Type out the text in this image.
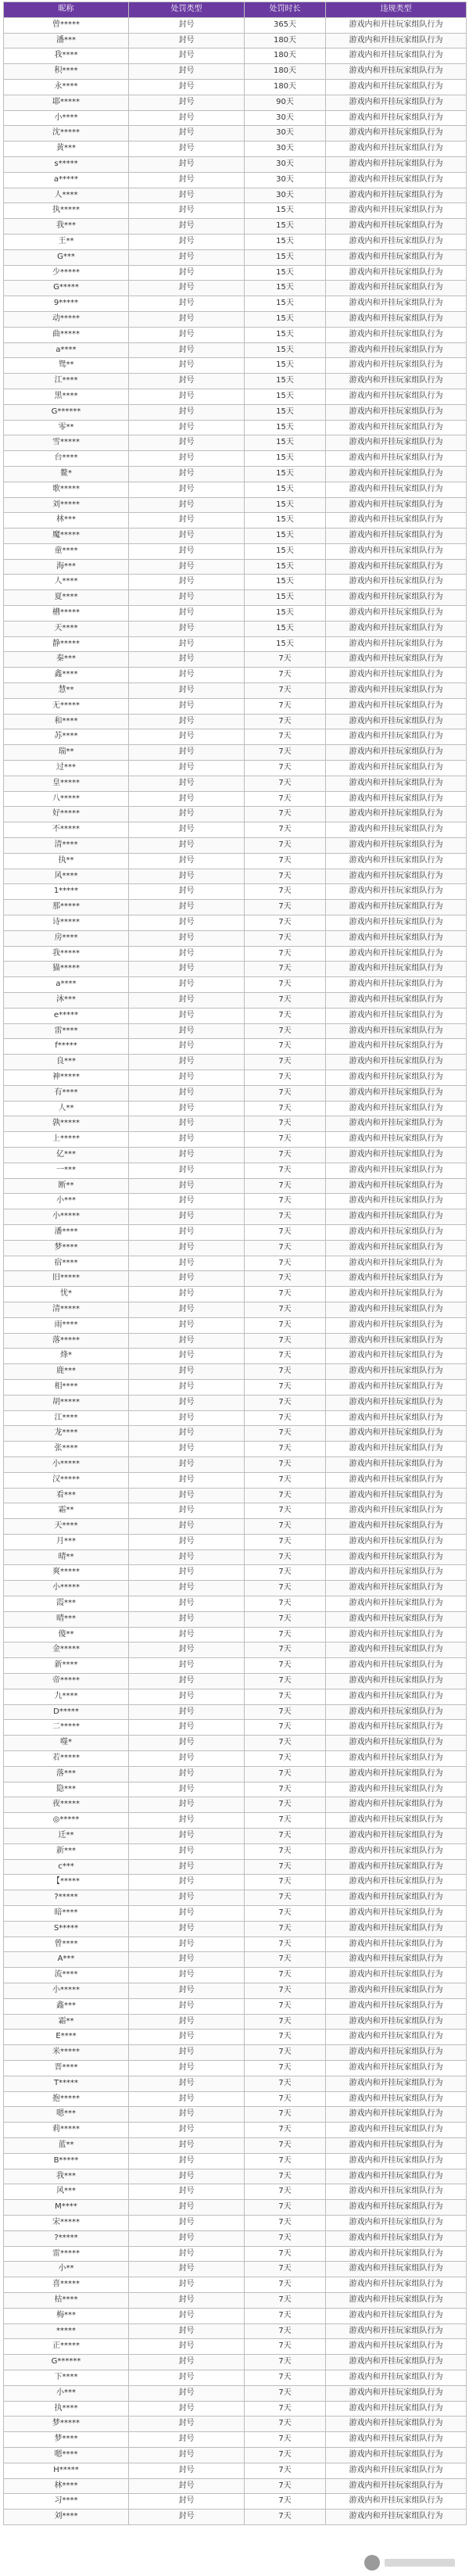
昵称	处罚类型	处罚时长	违规类型
曾*****	封号	365天	游戏内和开挂玩家组队行为
潘***	封号	180天	游戏内和开挂玩家组队行为
我****	封号	180天	游戏内和开挂玩家组队行为
积****	封号	180天	游戏内和开挂玩家组队行为
永****	封号	180天	游戏内和开挂玩家组队行为
耶*****	封号	90天	游戏内和开挂玩家组队行为
小****	封号	30天	游戏内和开挂玩家组队行为
沈*****	封号	30天	游戏内和开挂玩家组队行为
黄***	封号	30天	游戏内和开挂玩家组队行为
s*****	封号	30天	游戏内和开挂玩家组队行为
a*****	封号	30天	游戏内和开挂玩家组队行为
人****	封号	30天	游戏内和开挂玩家组队行为
执*****	封号	15天	游戏内和开挂玩家组队行为
我***	封号	15天	游戏内和开挂玩家组队行为
王**	封号	15天	游戏内和开挂玩家组队行为
G***	封号	15天	游戏内和开挂玩家组队行为
少*****	封号	15天	游戏内和开挂玩家组队行为
G*****	封号	15天	游戏内和开挂玩家组队行为
9*****	封号	15天	游戏内和开挂玩家组队行为
动*****	封号	15天	游戏内和开挂玩家组队行为
曲*****	封号	15天	游戏内和开挂玩家组队行为
a****	封号	15天	游戏内和开挂玩家组队行为
鸳**	封号	15天	游戏内和开挂玩家组队行为
江****	封号	15天	游戏内和开挂玩家组队行为
黑****	封号	15天	游戏内和开挂玩家组队行为
G******	封号	15天	游戏内和开挂玩家组队行为
零**	封号	15天	游戏内和开挂玩家组队行为
雪*****	封号	15天	游戏内和开挂玩家组队行为
台****	封号	15天	游戏内和开挂玩家组队行为
鳌*	封号	15天	游戏内和开挂玩家组队行为
歌*****	封号	15天	游戏内和开挂玩家组队行为
刘*****	封号	15天	游戏内和开挂玩家组队行为
林***	封号	15天	游戏内和开挂玩家组队行为
魔*****	封号	15天	游戏内和开挂玩家组队行为
童****	封号	15天	游戏内和开挂玩家组队行为
海***	封号	15天	游戏内和开挂玩家组队行为
人****	封号	15天	游戏内和开挂玩家组队行为
夏****	封号	15天	游戏内和开挂玩家组队行为
槽*****	封号	15天	游戏内和开挂玩家组队行为
天****	封号	15天	游戏内和开挂玩家组队行为
静*****	封号	15天	游戏内和开挂玩家组队行为
秦***	封号	7天	游戏内和开挂玩家组队行为
鑫****	封号	7天	游戏内和开挂玩家组队行为
慧**	封号	7天	游戏内和开挂玩家组队行为
无*****	封号	7天	游戏内和开挂玩家组队行为
和****	封号	7天	游戏内和开挂玩家组队行为
苏****	封号	7天	游戏内和开挂玩家组队行为
瑞**	封号	7天	游戏内和开挂玩家组队行为
过***	封号	7天	游戏内和开挂玩家组队行为
皇*****	封号	7天	游戏内和开挂玩家组队行为
八*****	封号	7天	游戏内和开挂玩家组队行为
好*****	封号	7天	游戏内和开挂玩家组队行为
不*****	封号	7天	游戏内和开挂玩家组队行为
清****	封号	7天	游戏内和开挂玩家组队行为
执**	封号	7天	游戏内和开挂玩家组队行为
风****	封号	7天	游戏内和开挂玩家组队行为
1*****	封号	7天	游戏内和开挂玩家组队行为
那*****	封号	7天	游戏内和开挂玩家组队行为
诗*****	封号	7天	游戏内和开挂玩家组队行为
房****	封号	7天	游戏内和开挂玩家组队行为
我*****	封号	7天	游戏内和开挂玩家组队行为
猫*****	封号	7天	游戏内和开挂玩家组队行为
a****	封号	7天	游戏内和开挂玩家组队行为
沐***	封号	7天	游戏内和开挂玩家组队行为
e*****	封号	7天	游戏内和开挂玩家组队行为
雷****	封号	7天	游戏内和开挂玩家组队行为
f*****	封号	7天	游戏内和开挂玩家组队行为
良***	封号	7天	游戏内和开挂玩家组队行为
神*****	封号	7天	游戏内和开挂玩家组队行为
有****	封号	7天	游戏内和开挂玩家组队行为
人**	封号	7天	游戏内和开挂玩家组队行为
孰*****	封号	7天	游戏内和开挂玩家组队行为
上*****	封号	7天	游戏内和开挂玩家组队行为
亿***	封号	7天	游戏内和开挂玩家组队行为
一***	封号	7天	游戏内和开挂玩家组队行为
断**	封号	7天	游戏内和开挂玩家组队行为
小***	封号	7天	游戏内和开挂玩家组队行为
小*****	封号	7天	游戏内和开挂玩家组队行为
潘****	封号	7天	游戏内和开挂玩家组队行为
梦****	封号	7天	游戏内和开挂玩家组队行为
宿****	封号	7天	游戏内和开挂玩家组队行为
旧*****	封号	7天	游戏内和开挂玩家组队行为
忧*	封号	7天	游戏内和开挂玩家组队行为
清*****	封号	7天	游戏内和开挂玩家组队行为
雨****	封号	7天	游戏内和开挂玩家组队行为
落*****	封号	7天	游戏内和开挂玩家组队行为
烽*	封号	7天	游戏内和开挂玩家组队行为
鹿***	封号	7天	游戏内和开挂玩家组队行为
相****	封号	7天	游戏内和开挂玩家组队行为
胡*****	封号	7天	游戏内和开挂玩家组队行为
江****	封号	7天	游戏内和开挂玩家组队行为
龙****	封号	7天	游戏内和开挂玩家组队行为
张****	封号	7天	游戏内和开挂玩家组队行为
小*****	封号	7天	游戏内和开挂玩家组队行为
汉*****	封号	7天	游戏内和开挂玩家组队行为
看***	封号	7天	游戏内和开挂玩家组队行为
霜**	封号	7天	游戏内和开挂玩家组队行为
天****	封号	7天	游戏内和开挂玩家组队行为
月***	封号	7天	游戏内和开挂玩家组队行为
晴**	封号	7天	游戏内和开挂玩家组队行为
爽*****	封号	7天	游戏内和开挂玩家组队行为
小*****	封号	7天	游戏内和开挂玩家组队行为
霞***	封号	7天	游戏内和开挂玩家组队行为
晴***	封号	7天	游戏内和开挂玩家组队行为
傻**	封号	7天	游戏内和开挂玩家组队行为
金*****	封号	7天	游戏内和开挂玩家组队行为
新****	封号	7天	游戏内和开挂玩家组队行为
帝*****	封号	7天	游戏内和开挂玩家组队行为
九****	封号	7天	游戏内和开挂玩家组队行为
D*****	封号	7天	游戏内和开挂玩家组队行为
二*****	封号	7天	游戏内和开挂玩家组队行为
噬*	封号	7天	游戏内和开挂玩家组队行为
若*****	封号	7天	游戏内和开挂玩家组队行为
落***	封号	7天	游戏内和开挂玩家组队行为
隐***	封号	7天	游戏内和开挂玩家组队行为
夜*****	封号	7天	游戏内和开挂玩家组队行为
◎*****	封号	7天	游戏内和开挂玩家组队行为
迁**	封号	7天	游戏内和开挂玩家组队行为
新***	封号	7天	游戏内和开挂玩家组队行为
c***	封号	7天	游戏内和开挂玩家组队行为
【*****	封号	7天	游戏内和开挂玩家组队行为
?*****	封号	7天	游戏内和开挂玩家组队行为
暗****	封号	7天	游戏内和开挂玩家组队行为
S*****	封号	7天	游戏内和开挂玩家组队行为
曾****	封号	7天	游戏内和开挂玩家组队行为
A***	封号	7天	游戏内和开挂玩家组队行为
流****	封号	7天	游戏内和开挂玩家组队行为
小*****	封号	7天	游戏内和开挂玩家组队行为
鑫***	封号	7天	游戏内和开挂玩家组队行为
霜**	封号	7天	游戏内和开挂玩家组队行为
E****	封号	7天	游戏内和开挂玩家组队行为
米*****	封号	7天	游戏内和开挂玩家组队行为
晋****	封号	7天	游戏内和开挂玩家组队行为
T*****	封号	7天	游戏内和开挂玩家组队行为
抱*****	封号	7天	游戏内和开挂玩家组队行为
嗯***	封号	7天	游戏内和开挂玩家组队行为
莉*****	封号	7天	游戏内和开挂玩家组队行为
蓝**	封号	7天	游戏内和开挂玩家组队行为
B*****	封号	7天	游戏内和开挂玩家组队行为
我***	封号	7天	游戏内和开挂玩家组队行为
风***	封号	7天	游戏内和开挂玩家组队行为
M****	封号	7天	游戏内和开挂玩家组队行为
宋*****	封号	7天	游戏内和开挂玩家组队行为
?*****	封号	7天	游戏内和开挂玩家组队行为
雷*****	封号	7天	游戏内和开挂玩家组队行为
小**	封号	7天	游戏内和开挂玩家组队行为
喜*****	封号	7天	游戏内和开挂玩家组队行为
枯****	封号	7天	游戏内和开挂玩家组队行为
梅***	封号	7天	游戏内和开挂玩家组队行为
*****	封号	7天	游戏内和开挂玩家组队行为
正*****	封号	7天	游戏内和开挂玩家组队行为
G******	封号	7天	游戏内和开挂玩家组队行为
下****	封号	7天	游戏内和开挂玩家组队行为
小***	封号	7天	游戏内和开挂玩家组队行为
执****	封号	7天	游戏内和开挂玩家组队行为
梦*****	封号	7天	游戏内和开挂玩家组队行为
梦****	封号	7天	游戏内和开挂玩家组队行为
嗯****	封号	7天	游戏内和开挂玩家组队行为
H*****	封号	7天	游戏内和开挂玩家组队行为
林****	封号	7天	游戏内和开挂玩家组队行为
习****	封号	7天	游戏内和开挂玩家组队行为
刘****	封号	7天	游戏内和开挂玩家组队行为
